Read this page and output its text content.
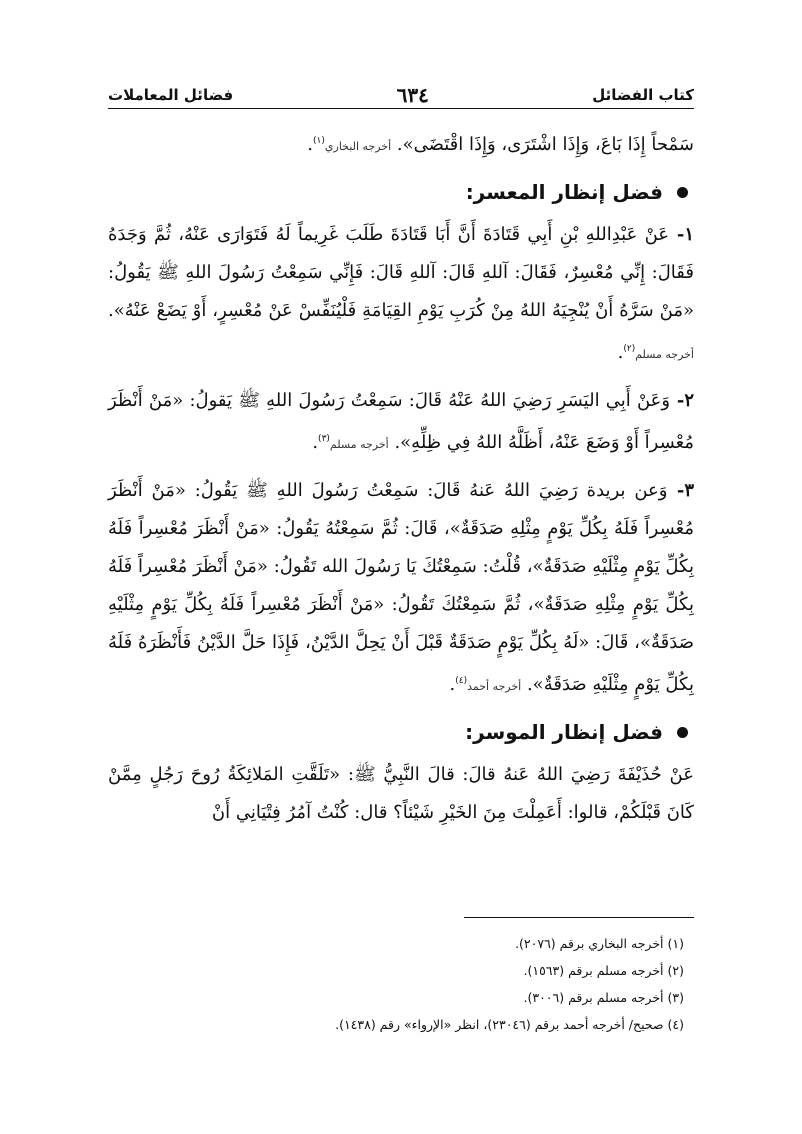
كتاب الفضائل
٦٣٤
فضائل المعاملات

سَمْحاً إِذَا بَاعَ، وَإِذَا اشْتَرَى، وَإِذَا اقْتَضَى». أخرجه البخاري$^{(١)}$.

فضل إنظار المعسر:

١- عَنْ عَبْدِاللهِ بْنِ أَبِي قَتَادَةَ أَنَّ أَبَا قَتَادَةَ طَلَبَ غَرِيماً لَهُ فَتَوَارَى عَنْهُ، ثُمَّ وَجَدَهُ فَقَالَ: إِنِّي مُعْسِرٌ، فَقَالَ: آللهِ قَالَ: آللهِ قَالَ: فَإِنِّي سَمِعْتُ رَسُولَ اللهِ ﷺ يَقُولُ: «مَنْ سَرَّهُ أَنْ يُنْجِيَهُ اللهُ مِنْ كُرَبِ يَوْمِ القِيَامَةِ فَلْيُنَفِّسْ عَنْ مُعْسِرٍ، أَوْ يَضَعْ عَنْهُ». أخرجه مسلم$^{(٢)}$.

٢- وَعَنْ أَبِي اليَسَرِ رَضِيَ اللهُ عَنْهُ قَالَ: سَمِعْتُ رَسُولَ اللهِ ﷺ يَقولُ: «مَنْ أَنْظَرَ مُعْسِراً أَوْ وَضَعَ عَنْهُ، أَظَلَّهُ اللهُ فِي ظِلِّهِ». أخرجه مسلم$^{(٣)}$.

٣- وَعن بريدة رَضِيَ اللهُ عَنهُ قَالَ: سَمِعْتُ رَسُولَ اللهِ ﷺ يَقُولُ: «مَنْ أَنْظَرَ مُعْسِراً فَلَهُ بِكُلِّ يَوْمٍ مِثْلِهِ صَدَقَةٌ»، قَالَ: ثُمَّ سَمِعْتُهُ يَقُولُ: «مَنْ أَنْظَرَ مُعْسِراً فَلَهُ بِكُلِّ يَوْمٍ مِثْلَيْهِ صَدَقَةٌ»، قُلْتُ: سَمِعْتُكَ يَا رَسُولَ الله تَقُولُ: «مَنْ أَنْظَرَ مُعْسِراً فَلَهُ بِكُلِّ يَوْمٍ مِثْلِهِ صَدَقَةٌ»، ثُمَّ سَمِعْتُكَ تَقُولُ: «مَنْ أَنْظَرَ مُعْسِراً فَلَهُ بِكُلِّ يَوْمٍ مِثْلَيْهِ صَدَقَةٌ»، قَالَ: «لَهُ بِكُلِّ يَوْمٍ صَدَقَةٌ قَبْلَ أَنْ يَحِلَّ الدَّيْنُ، فَإِذَا حَلَّ الدَّيْنُ فَأَنْظَرَهُ فَلَهُ بِكُلِّ يَوْمٍ مِثْلَيْهِ صَدَقَةٌ». أخرجه أحمد$^{(٤)}$.

فضل إنظار الموسر:

عَنْ حُذَيْفَةَ رَضِيَ اللهُ عَنهُ قالَ: قالَ النَّبِيُّ ﷺ: «تَلَقَّتِ المَلائِكَةُ رُوحَ رَجُلٍ مِمَّنْ كَانَ قَبْلَكُمْ، قالوا: أَعَمِلْتَ مِنَ الخَيْرِ شَيْئاً؟ قال: كُنْتُ آمُرُ فِتْيَانِي أَنْ

(١) أخرجه البخاري برقم (٢٠٧٦).
(٢) أخرجه مسلم برقم (١٥٦٣).
(٣) أخرجه مسلم برقم (٣٠٠٦).
(٤) صحيح/ أخرجه أحمد برقم (٢٣٠٤٦)، انظر «الإرواء» رقم (١٤٣٨).
